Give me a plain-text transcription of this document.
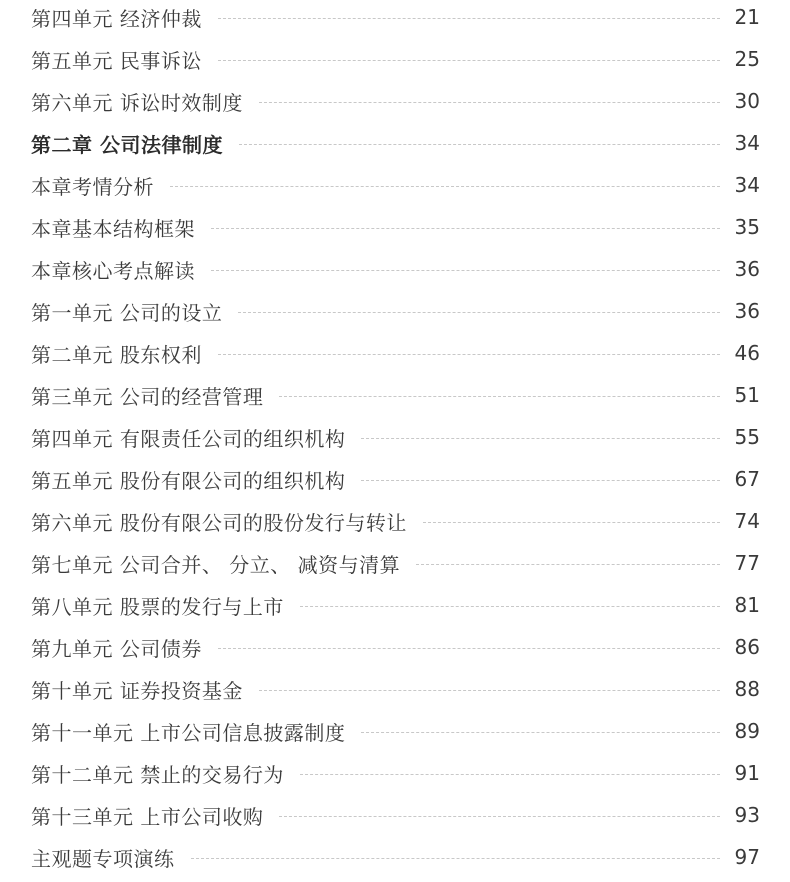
第四单元 经济仲裁	21
第五单元 民事诉讼	25
第六单元 诉讼时效制度	30
第二章 公司法律制度	34
本章考情分析	34
本章基本结构框架	35
本章核心考点解读	36
第一单元 公司的设立	36
第二单元 股东权利	46
第三单元 公司的经营管理	51
第四单元 有限责任公司的组织机构	55
第五单元 股份有限公司的组织机构	67
第六单元 股份有限公司的股份发行与转让	74
第七单元 公司合并、 分立、 减资与清算	77
第八单元 股票的发行与上市	81
第九单元 公司债券	86
第十单元 证券投资基金	88
第十一单元 上市公司信息披露制度	89
第十二单元 禁止的交易行为	91
第十三单元 上市公司收购	93
主观题专项演练	97
